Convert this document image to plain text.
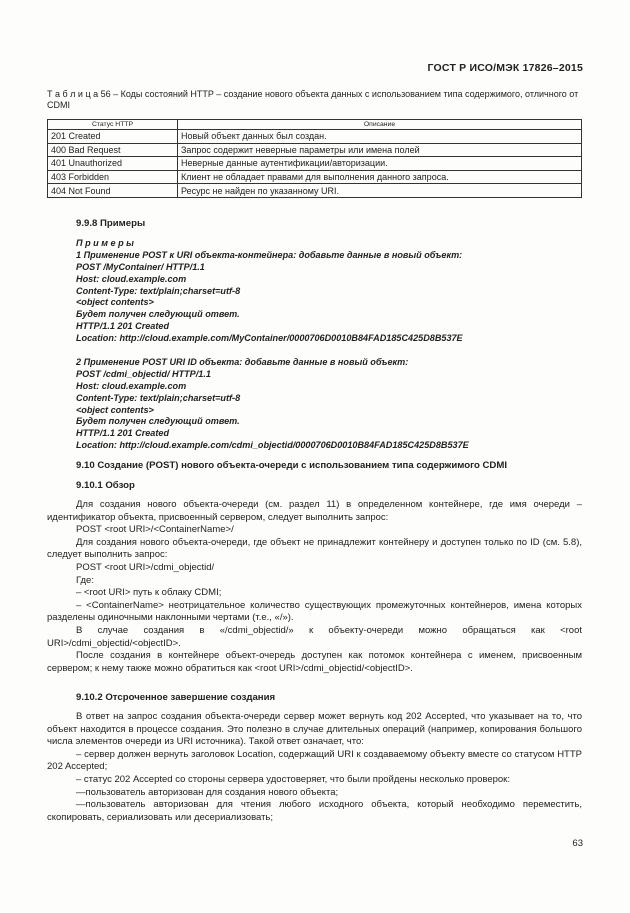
ГОСТ Р ИСО/МЭК 17826–2015
Т а б л и ц а 56 – Коды состояний HTTP – создание нового объекта данных с использованием типа содержимого, отличного от CDMI
Статус HTTP	Описание
201 Created	Новый объект данных был создан.
400 Bad Request	Запрос содержит неверные параметры или имена полей
401 Unauthorized	Неверные данные аутентификации/авторизации.
403 Forbidden	Клиент не обладает правами для выполнения данного запроса.
404 Not Found	Ресурс не найден по указанному URI.
9.9.8 Примеры
П р и м е р ы
1 Применение POST к URI объекта-контейнера: добавьте данные в новый объект:
POST /MyContainer/ HTTP/1.1
Host: cloud.example.com
Content-Type: text/plain;charset=utf-8
<object contents>
Будет получен следующий ответ.
HTTP/1.1 201 Created
Location: http://cloud.example.com/MyContainer/0000706D0010B84FAD185C425D8B537E
2 Применение POST URI ID объекта: добавьте данные в новый объект:
POST /cdmi_objectid/ HTTP/1.1
Host: cloud.example.com
Content-Type: text/plain;charset=utf-8
<object contents>
Будет получен следующий ответ.
HTTP/1.1 201 Created
Location: http://cloud.example.com/cdmi_objectid/0000706D0010B84FAD185C425D8B537E
9.10 Создание (POST) нового объекта-очереди с использованием типа содержимого CDMI
9.10.1 Обзор

Для создания нового объекта-очереди (см. раздел 11) в определенном контейнере, где имя очереди – идентификатор объекта, присвоенный сервером, следует выполнить запрос:

POST <root URI>/<ContainerName>/

Для создания нового объекта-очереди, где объект не принадлежит контейнеру и доступен только по ID (см. 5.8), следует выполнить запрос:

POST <root URI>/cdmi_objectid/

Где:

– <root URI> путь к облаку CDMI;

– <ContainerName> неотрицательное количество существующих промежуточных контейнеров, имена которых разделены одиночными наклонными чертами (т.е., «/»).

В случае создания в «/cdmi_objectid/» к объекту-очереди можно обращаться как <root URI>/cdmi_objectid/<objectID>.

После создания в контейнере объект-очередь доступен как потомок контейнера с именем, присвоенным сервером; к нему также можно обратиться как <root URI>/cdmi_objectid/<objectID>.

9.10.2 Отсроченное завершение создания

В ответ на запрос создания объекта-очереди сервер может вернуть код 202 Accepted, что указывает на то, что объект находится в процессе создания. Это полезно в случае длительных операций (например, копирования большого числа элементов очереди из URI источника). Такой ответ означает, что:

– сервер должен вернуть заголовок Location, содержащий URI к создаваемому объекту вместе со статусом HTTP 202 Accepted;

– статус 202 Accepted со стороны сервера удостоверяет, что были пройдены несколько проверок:

—пользователь авторизован для создания нового объекта;

—пользователь авторизован для чтения любого исходного объекта, который необходимо переместить, скопировать, сериализовать или десериализовать;

63
